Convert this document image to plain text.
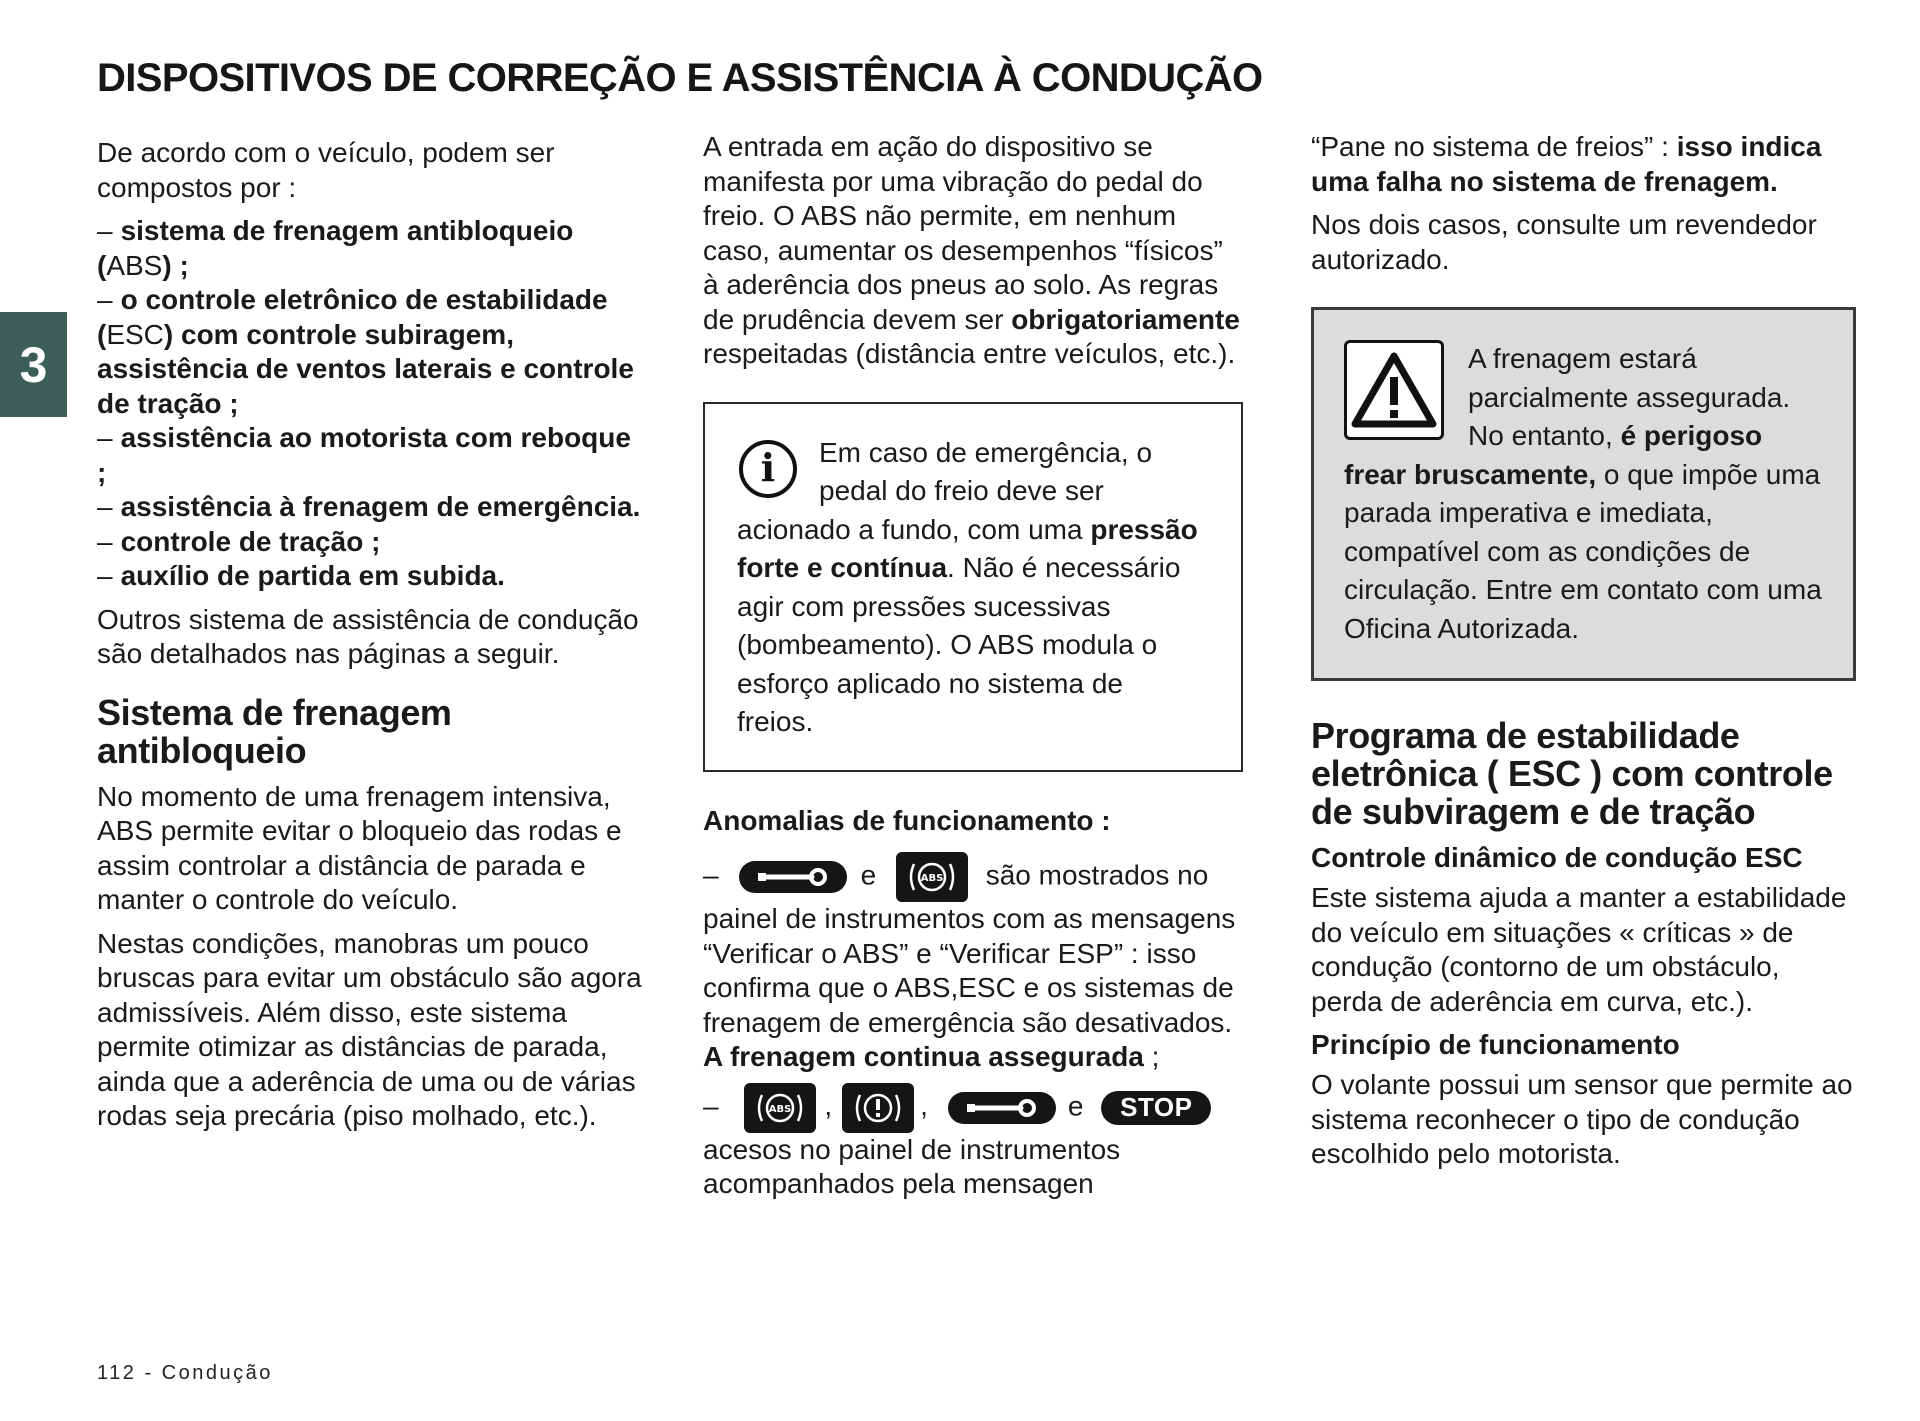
DISPOSITIVOS DE CORREÇÃO E ASSISTÊNCIA À CONDUÇÃO
3

De acordo com o veículo, podem ser compostos por :

– sistema de frenagem antibloqueio (ABS) ;
– o controle eletrônico de estabilidade (ESC) com controle subiragem, assistência de ventos laterais e controle de tração ;
– assistência ao motorista com reboque ;
– assistência à frenagem de emergência.
– controle de tração ;
– auxílio de partida em subida.

Outros sistema de assistência de condução são detalhados nas páginas a seguir.

Sistema de frenagem antibloqueio

No momento de uma frenagem intensiva, ABS permite evitar o bloqueio das rodas e assim controlar a distância de parada e manter o controle do veículo.

Nestas condições, manobras um pouco bruscas para evitar um obstáculo são agora admissíveis. Além disso, este sistema permite otimizar as distâncias de parada, ainda que a aderência de uma ou de várias rodas seja precária (piso molhado, etc.).

A entrada em ação do dispositivo se manifesta por uma vibração do pedal do freio. O ABS não permite, em nenhum caso, aumentar os desempenhos “físicos” à aderência dos pneus ao solo. As regras de prudência devem ser obrigatoriamente respeitadas (distância entre veículos, etc.).

i	Em caso de emergência, o pedal do freio deve ser acionado a fundo, com uma pressão forte e contínua. Não é necessário agir com pressões sucessivas (bombeamento). O ABS modula o esforço aplicado no sistema de freios.

Anomalias de funcionamento :

–	e	ABS são mostrados no painel de instrumentos com as mensagens “Verificar o ABS” e “Verificar ESP” : isso confirma que o ABS,ESC e os sistemas de frenagem de emergência são desativados. A frenagem continua assegurada ;

–	ABS ,	,	e STOP
acesos no painel de instrumentos acompanhados pela mensagen

“Pane no sistema de freios” : isso indica uma falha no sistema de frenagem.

Nos dois casos, consulte um revendedor autorizado.

A frenagem estará parcialmente assegurada. No entanto, é perigoso frear bruscamente, o que impõe uma parada imperativa e imediata, compatível com as condições de circulação. Entre em contato com uma Oficina Autorizada.
Programa de estabilidade eletrônica ( ESC ) com controle de subviragem e de tração
Controle dinâmico de condução ESC

Este sistema ajuda a manter a estabilidade do veículo em situações « críticas » de condução (contorno de um obstáculo, perda de aderência em curva, etc.).

Princípio de funcionamento

O volante possui um sensor que permite ao sistema reconhecer o tipo de condução escolhido pelo motorista.

112 - Condução
